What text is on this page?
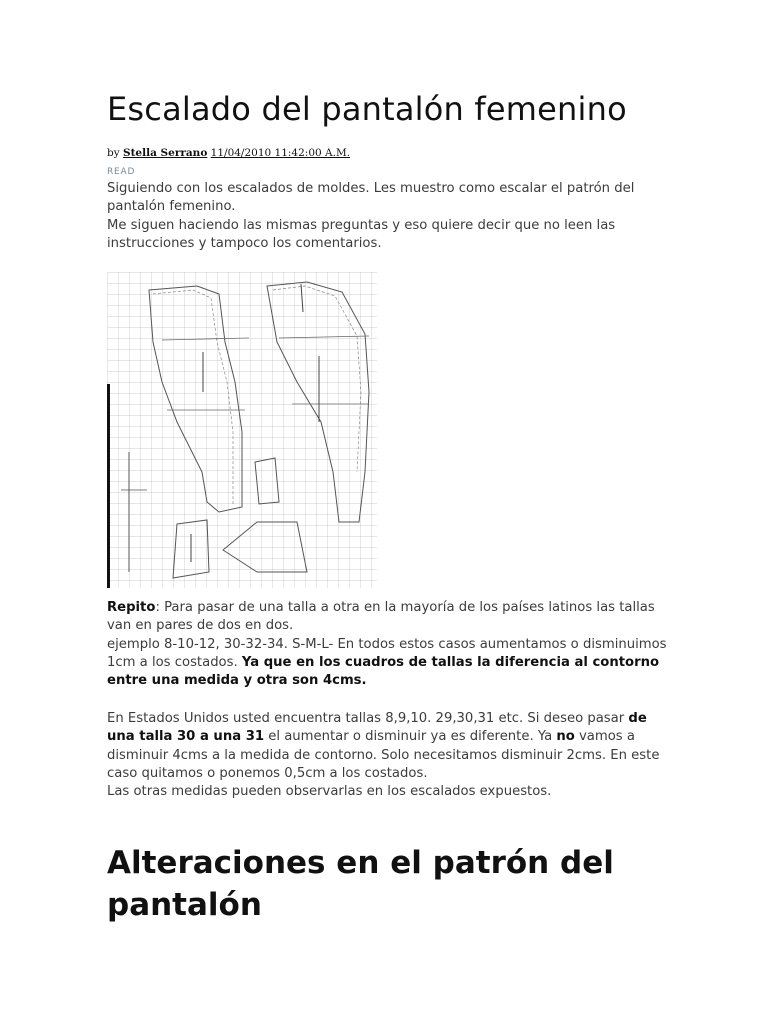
Escalado del pantalón femenino
by Stella Serrano 11/04/2010 11:42:00 A.M.
READ

Siguiendo con los escalados de moldes. Les muestro como escalar el patrón del pantalón femenino.

Me siguen haciendo las mismas preguntas y eso quiere decir que no leen las instrucciones y tampoco los comentarios.

Repito: Para pasar de una talla a otra en la mayoría de los países latinos las tallas van en pares de dos en dos.

ejemplo 8-10-12, 30-32-34. S-M-L- En todos estos casos aumentamos o disminuimos 1cm a los costados. Ya que en los cuadros de tallas la diferencia al contorno entre una medida y otra son 4cms.

En Estados Unidos usted encuentra tallas 8,9,10. 29,30,31 etc. Si deseo pasar de una talla 30 a una 31 el aumentar o disminuir ya es diferente. Ya no vamos a disminuir 4cms a la medida de contorno. Solo necesitamos disminuir 2cms. En este caso quitamos o ponemos 0,5cm a los costados.

Las otras medidas pueden observarlas en los escalados expuestos.

Alteraciones en el patrón del pantalón
